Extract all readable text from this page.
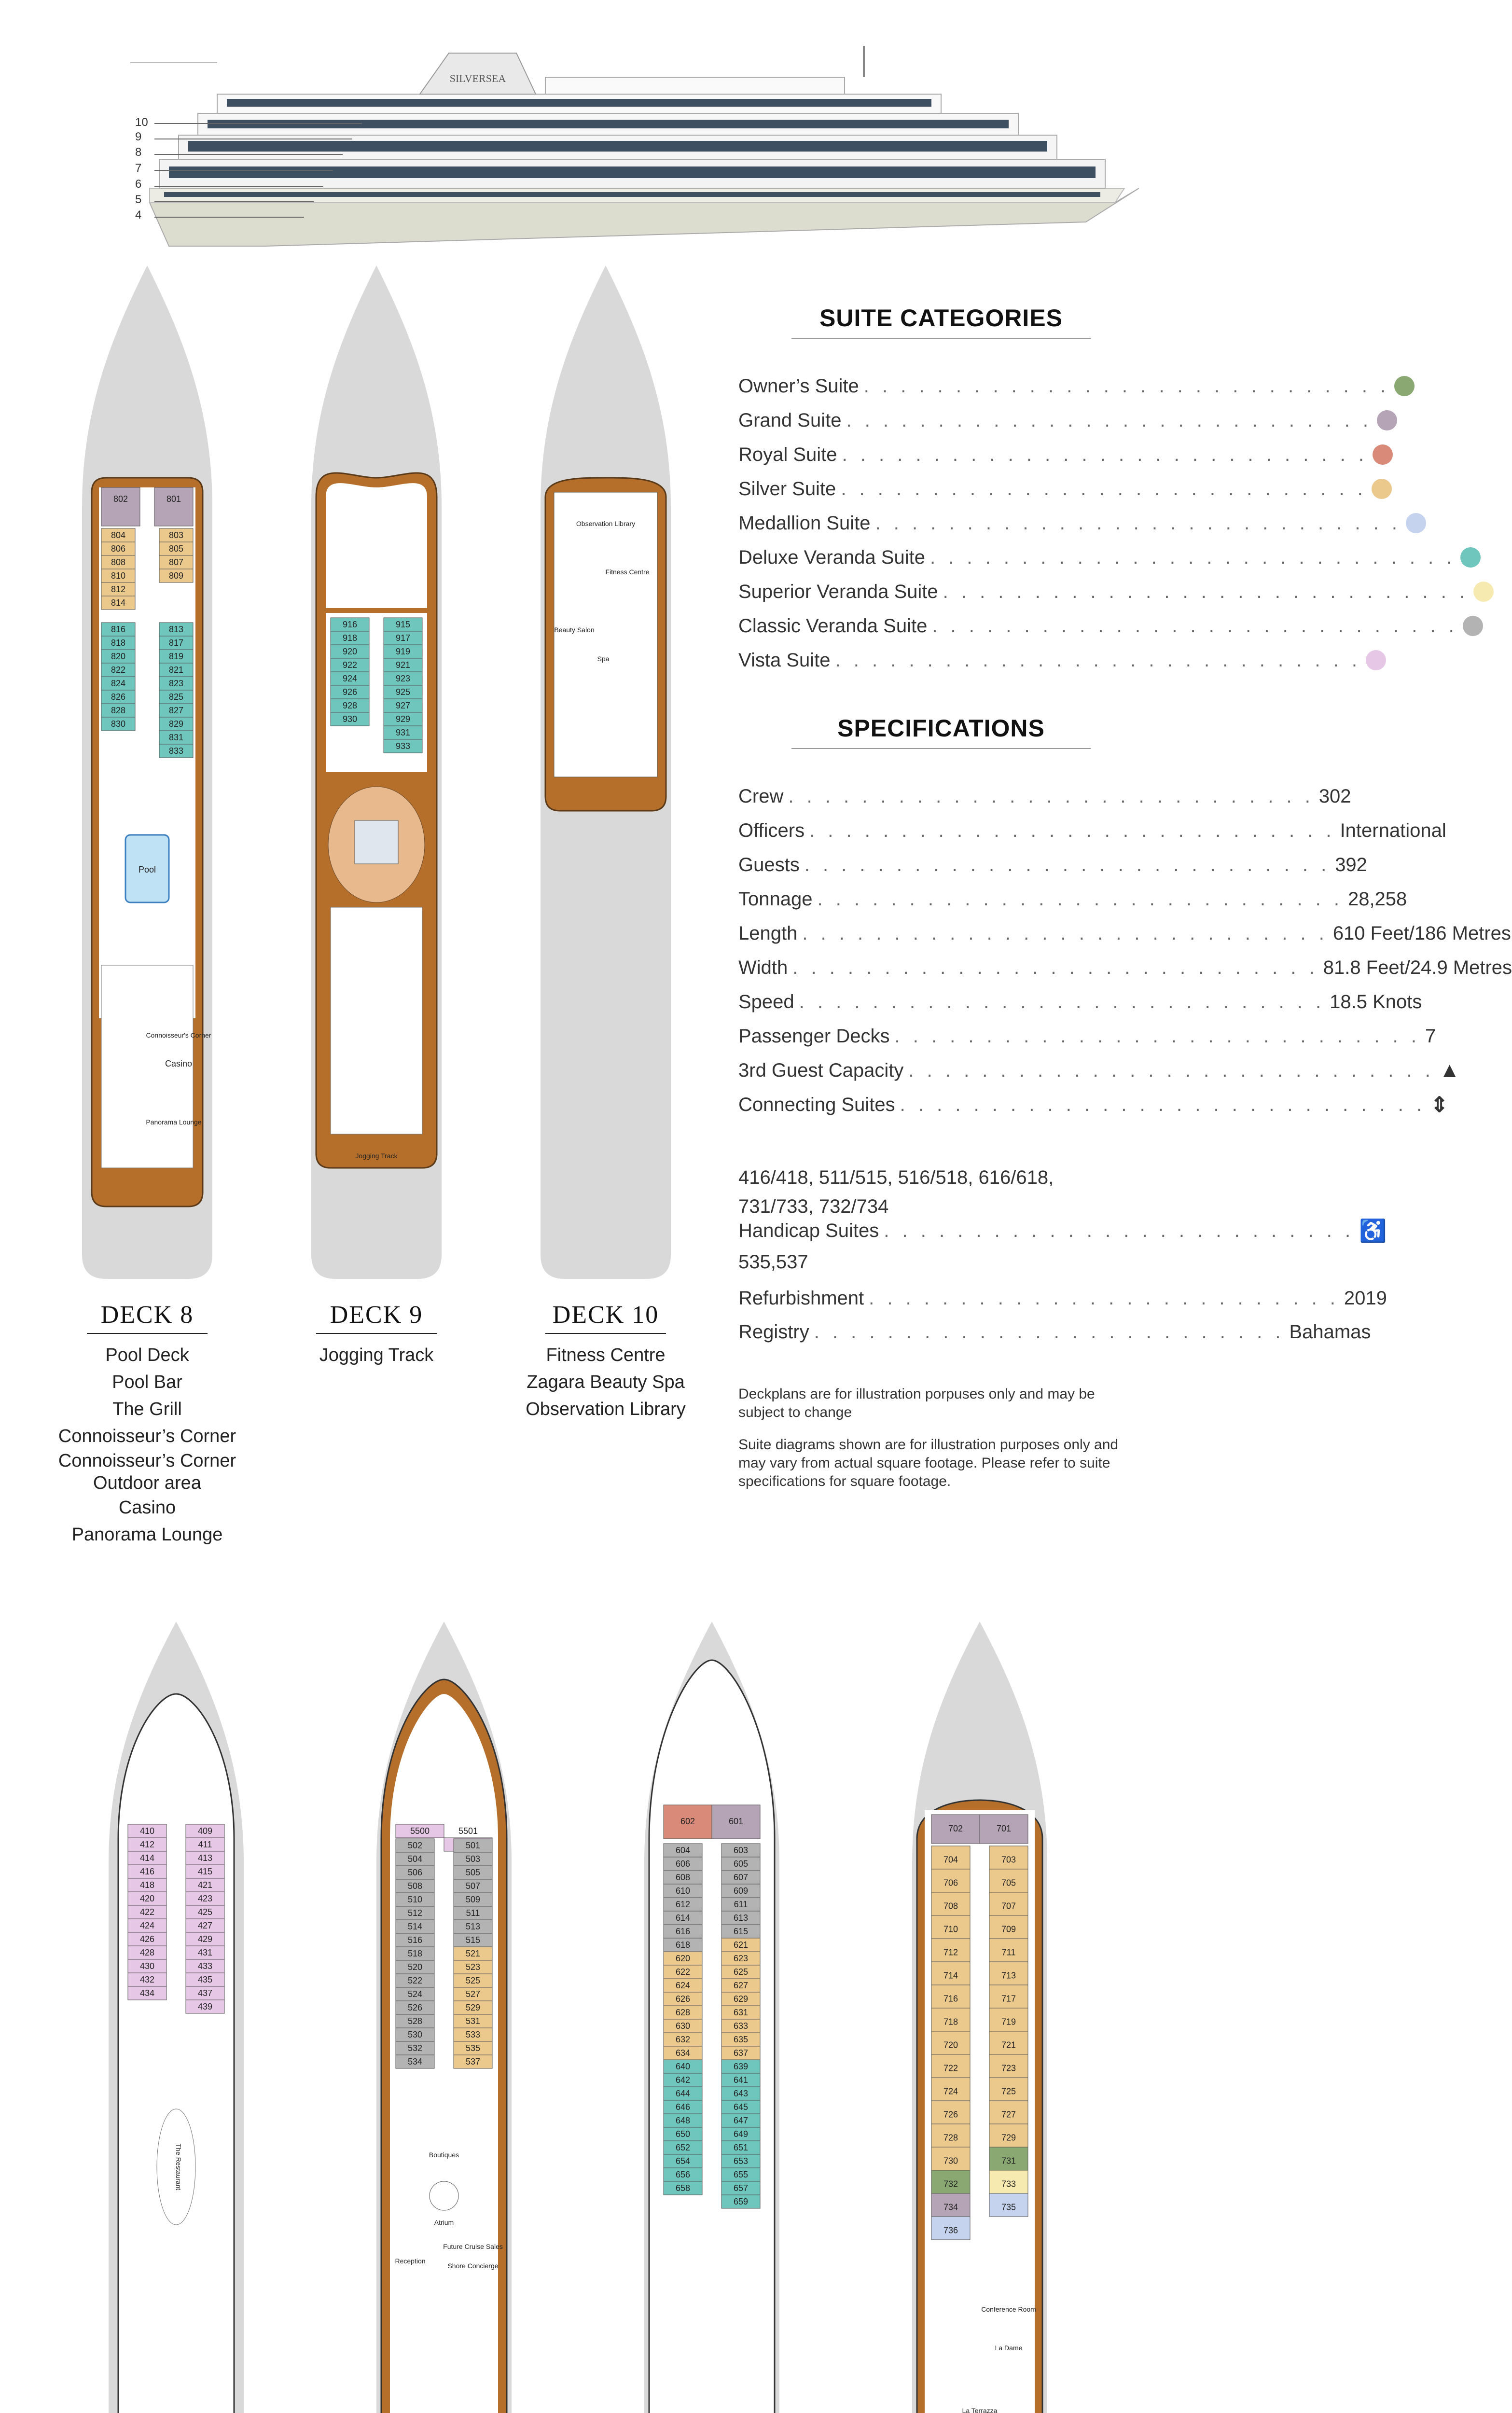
SILVERSEA
10
9
8
7
6
5
4
802	801
804
806
808
810
812
814
803
805
807
809
816
818
820
822
824
826
828
830
813
817
819
821
823
825
827
829
831
833
Pool
Connoisseur's Corner
Casino
Panorama Lounge
916
918
920
922
924
926
928
930
915
917
919
921
923
925
927
929
931
933
Jogging Track
Observation Library
Fitness Centre
Beauty Salon
Spa
DECK 8
Pool Deck
Pool Bar
The Grill
Connoisseur’s Corner
Connoisseur’s Corner Outdoor area
Casino
Panorama Lounge
DECK 9
Jogging Track
DECK 10
Fitness Centre
Zagara Beauty Spa
Observation Library
SUITE CATEGORIES
Owner’s Suite . . . . . . . . . . . . . . . . . . . . . . . . . . . . .
Grand Suite . . . . . . . . . . . . . . . . . . . . . . . . . . . . .
Royal Suite . . . . . . . . . . . . . . . . . . . . . . . . . . . . .
Silver Suite . . . . . . . . . . . . . . . . . . . . . . . . . . . . .
Medallion Suite . . . . . . . . . . . . . . . . . . . . . . . . . . . . .
Deluxe Veranda Suite . . . . . . . . . . . . . . . . . . . . . . . . . . . . .
Superior Veranda Suite . . . . . . . . . . . . . . . . . . . . . . . . . . . . .
Classic Veranda Suite . . . . . . . . . . . . . . . . . . . . . . . . . . . . .
Vista Suite . . . . . . . . . . . . . . . . . . . . . . . . . . . . .
SPECIFICATIONS
Crew . . . . . . . . . . . . . . . . . . . . . . . . . . . . . 302
Officers . . . . . . . . . . . . . . . . . . . . . . . . . . . . . International
Guests . . . . . . . . . . . . . . . . . . . . . . . . . . . . . 392
Tonnage . . . . . . . . . . . . . . . . . . . . . . . . . . . . . 28,258
Length . . . . . . . . . . . . . . . . . . . . . . . . . . . . . 610 Feet/186 Metres
Width . . . . . . . . . . . . . . . . . . . . . . . . . . . . . 81.8 Feet/24.9 Metres
Speed . . . . . . . . . . . . . . . . . . . . . . . . . . . . . 18.5 Knots
Passenger Decks . . . . . . . . . . . . . . . . . . . . . . . . . . . . . 7
3rd Guest Capacity . . . . . . . . . . . . . . . . . . . . . . . . . . . . . ▲
Connecting Suites . . . . . . . . . . . . . . . . . . . . . . . . . . . . . ⇕
416/418, 511/515, 516/518, 616/618, 731/733, 732/734
Handicap Suites . . . . . . . . . . . . . . . . . . . . . . . . . . ♿
535,537
Refurbishment . . . . . . . . . . . . . . . . . . . . . . . . . . 2019
Registry . . . . . . . . . . . . . . . . . . . . . . . . . . Bahamas
Deckplans are for illustration porpuses only and may be subject to change
Suite diagrams shown are for illustration purposes only and may vary from actual square footage. Please refer to suite specifications for square footage.
410
412
414
416
418
420
422
424
426
428
430
432
434
409
411
413
415
421
423
425
427
429
431
433
435
437
439
The Restaurant
5500	5501
502
504
506
508
510
512
514
516
518
520
522
524
526
528
530
532
534
501
503
505
507
509
511
513
515
521
523
525
527
529
531
533
535
537
Boutiques
Atrium
Reception
Future Cruise Sales
Shore Concierge
602	601
604
606
608
610
612
614
616
618
620
622
624
626
628
630
632
634
640
642
644
646
648
650
652
654
656
658
603
605
607
609
611
613
615
621
623
625
627
629
631
633
635
637
639
641
643
645
647
649
651
653
655
657
659
702	701
704
706
708
710
712
714
716
718
720
722
724
726
728
730
732
734
736
703
705
707
709
711
713
717
719
721
723
725
727
729
731
733
735
Conference Room
La Dame
La Terrazza
